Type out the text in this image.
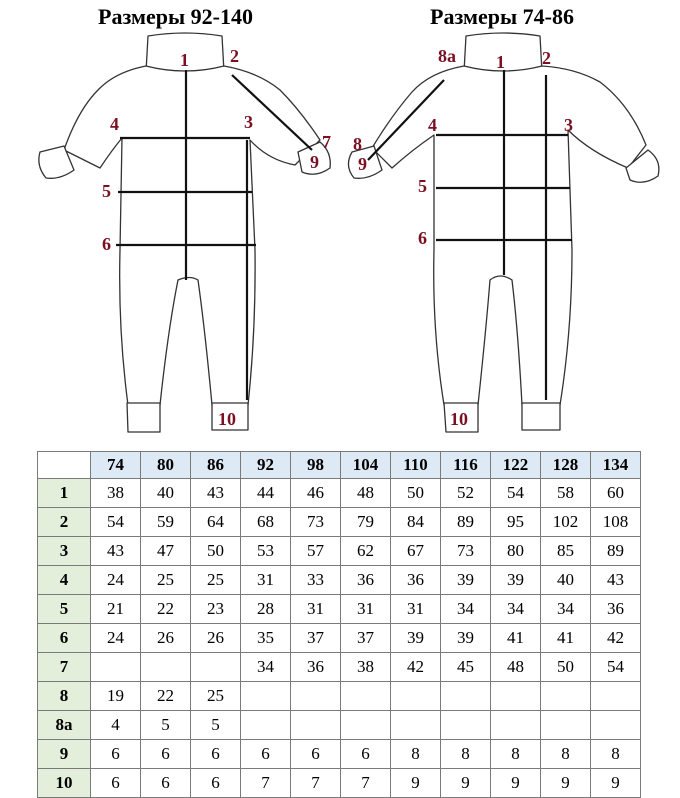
Размеры 92-140	Размеры 74-86
1 2
3
4
5
6
7
9
10
8a 1 2
3
4
8
9
5
6
10
	74	80	86	92	98	104	110	116	122	128	134
1	38	40	43	44	46	48	50	52	54	58	60
2	54	59	64	68	73	79	84	89	95	102	108
3	43	47	50	53	57	62	67	73	80	85	89
4	24	25	25	31	33	36	36	39	39	40	43
5	21	22	23	28	31	31	31	34	34	34	36
6	24	26	26	35	37	37	39	39	41	41	42
7				34	36	38	42	45	48	50	54
8	19	22	25								
8a	4	5	5								
9	6	6	6	6	6	6	8	8	8	8	8
10	6	6	6	7	7	7	9	9	9	9	9
